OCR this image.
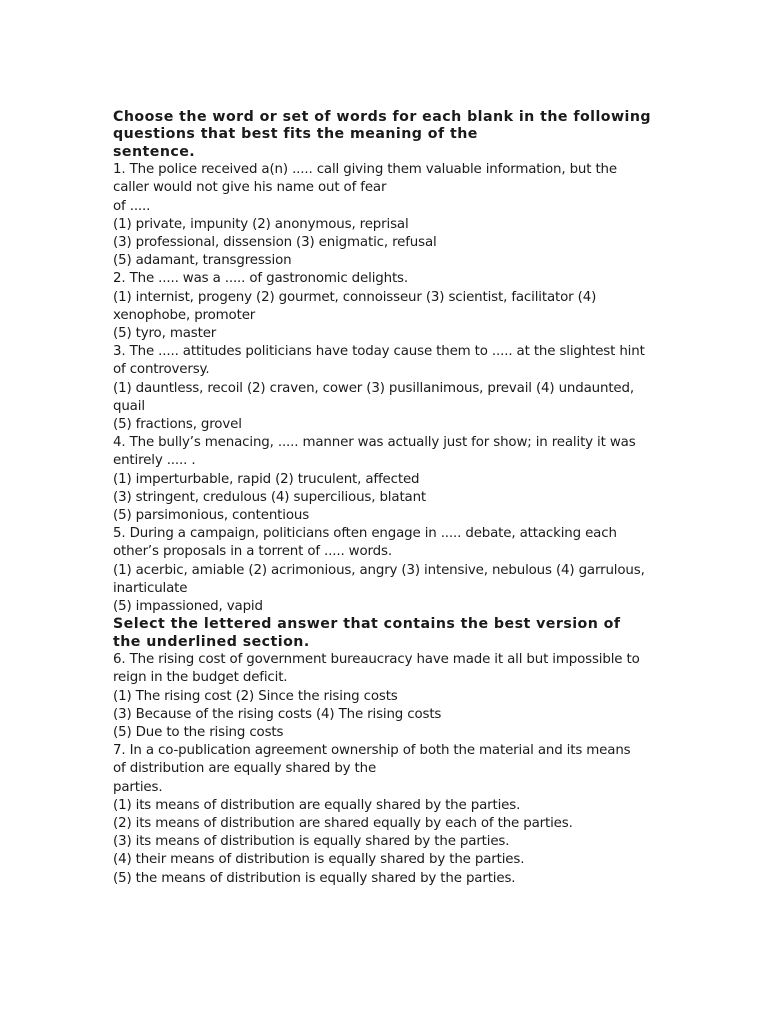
Choose the word or set of words for each blank in the following
questions that best fits the meaning of the
sentence.
1. The police received a(n) ..... call giving them valuable information, but the
caller would not give his name out of fear
of .....
(1) private, impunity (2) anonymous, reprisal
(3) professional, dissension (3) enigmatic, refusal
(5) adamant, transgression
2. The ..... was a ..... of gastronomic delights.
(1) internist, progeny (2) gourmet, connoisseur (3) scientist, facilitator (4)
xenophobe, promoter
(5) tyro, master
3. The ..... attitudes politicians have today cause them to ..... at the slightest hint
of controversy.
(1) dauntless, recoil (2) craven, cower (3) pusillanimous, prevail (4) undaunted,
quail
(5) fractions, grovel
4. The bully’s menacing, ..... manner was actually just for show; in reality it was
entirely ..... .
(1) imperturbable, rapid (2) truculent, affected
(3) stringent, credulous (4) supercilious, blatant
(5) parsimonious, contentious
5. During a campaign, politicians often engage in ..... debate, attacking each
other’s proposals in a torrent of ..... words.
(1) acerbic, amiable (2) acrimonious, angry (3) intensive, nebulous (4) garrulous,
inarticulate
(5) impassioned, vapid
Select the lettered answer that contains the best version of
the underlined section.
6. The rising cost of government bureaucracy have made it all but impossible to
reign in the budget deficit.
(1) The rising cost (2) Since the rising costs
(3) Because of the rising costs (4) The rising costs
(5) Due to the rising costs
7. In a co-publication agreement ownership of both the material and its means
of distribution are equally shared by the
parties.
(1) its means of distribution are equally shared by the parties.
(2) its means of distribution are shared equally by each of the parties.
(3) its means of distribution is equally shared by the parties.
(4) their means of distribution is equally shared by the parties.
(5) the means of distribution is equally shared by the parties.
